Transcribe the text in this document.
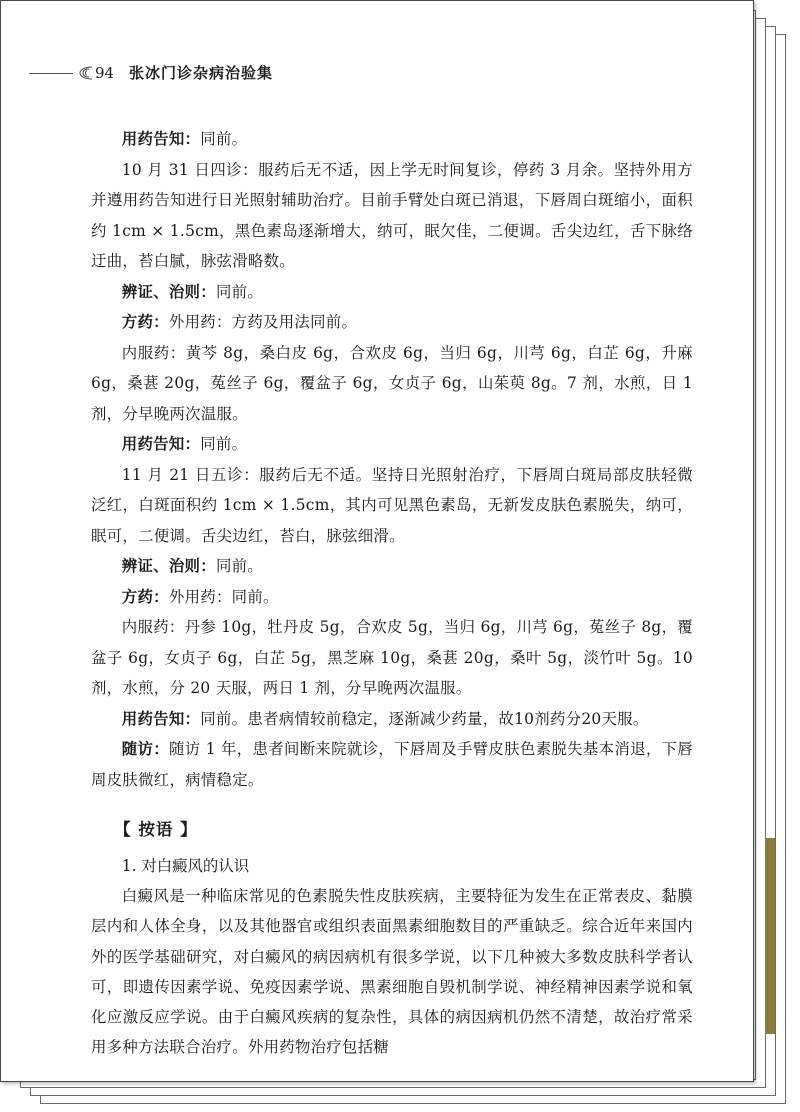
94 张冰门诊杂病治验集

用药告知：同前。

10 月 31 日四诊：服药后无不适，因上学无时间复诊，停药 3 月余。坚持外用方并遵用药告知进行日光照射辅助治疗。目前手臂处白斑已消退，下唇周白斑缩小，面积约 1cm × 1.5cm，黑色素岛逐渐增大，纳可，眠欠佳，二便调。舌尖边红，舌下脉络迂曲，苔白腻，脉弦滑略数。

辨证、治则：同前。

方药：外用药：方药及用法同前。

内服药：黄芩 8g，桑白皮 6g，合欢皮 6g，当归 6g，川芎 6g，白芷 6g，升麻 6g，桑葚 20g，菟丝子 6g，覆盆子 6g，女贞子 6g，山茱萸 8g。7 剂，水煎，日 1 剂，分早晚两次温服。

用药告知：同前。

11 月 21 日五诊：服药后无不适。坚持日光照射治疗，下唇周白斑局部皮肤轻微泛红，白斑面积约 1cm × 1.5cm，其内可见黑色素岛，无新发皮肤色素脱失，纳可，眠可，二便调。舌尖边红，苔白，脉弦细滑。

辨证、治则：同前。

方药：外用药：同前。

内服药：丹参 10g，牡丹皮 5g，合欢皮 5g，当归 6g，川芎 6g，菟丝子 8g，覆盆子 6g，女贞子 6g，白芷 5g，黑芝麻 10g，桑葚 20g，桑叶 5g，淡竹叶 5g。10 剂，水煎，分 20 天服，两日 1 剂，分早晚两次温服。

用药告知：同前。患者病情较前稳定，逐渐减少药量，故10剂药分20天服。

随访：随访 1 年，患者间断来院就诊，下唇周及手臂皮肤色素脱失基本消退，下唇周皮肤微红，病情稳定。

【 按语 】
1. 对白癜风的认识

白癜风是一种临床常见的色素脱失性皮肤疾病，主要特征为发生在正常表皮、黏膜层内和人体全身，以及其他器官或组织表面黑素细胞数目的严重缺乏。综合近年来国内外的医学基础研究，对白癜风的病因病机有很多学说，以下几种被大多数皮肤科学者认可，即遗传因素学说、免疫因素学说、黑素细胞自毁机制学说、神经精神因素学说和氧化应激反应学说。由于白癜风疾病的复杂性，具体的病因病机仍然不清楚，故治疗常采用多种方法联合治疗。外用药物治疗包括糖
